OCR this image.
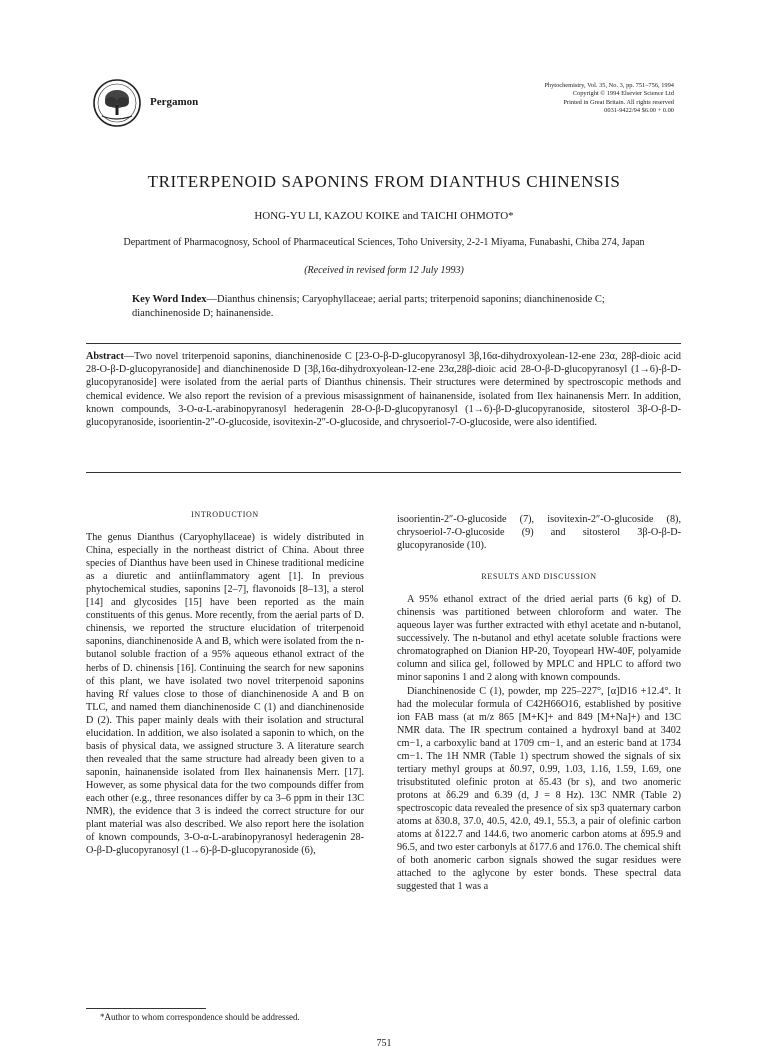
Pergamon
Phytochemistry, Vol. 35, No. 3, pp. 751–756, 1994
Copyright © 1994 Elsevier Science Ltd
Printed in Great Britain. All rights reserved
0031-9422/94 $6.00 + 0.00
TRITERPENOID SAPONINS FROM DIANTHUS CHINENSIS
HONG-YU LI, KAZOU KOIKE and TAICHI OHMOTO*
Department of Pharmacognosy, School of Pharmaceutical Sciences, Toho University, 2-2-1 Miyama, Funabashi, Chiba 274, Japan
(Received in revised form 12 July 1993)
Key Word Index—Dianthus chinensis; Caryophyllaceae; aerial parts; triterpenoid saponins; dianchinenoside C; dianchinenoside D; hainanenside.
Abstract—Two novel triterpenoid saponins, dianchinenoside C [23-O-β-D-glucopyranosyl 3β,16α-dihydroxyolean-12-ene 23α, 28β-dioic acid 28-O-β-D-glucopyranoside] and dianchinenoside D [3β,16α-dihydroxyolean-12-ene 23α,28β-dioic acid 28-O-β-D-glucopyranosyl (1→6)-β-D-glucopyranoside] were isolated from the aerial parts of Dianthus chinensis. Their structures were determined by spectroscopic methods and chemical evidence. We also report the revision of a previous misassignment of hainanenside, isolated from Ilex hainanensis Merr. In addition, known compounds, 3-O-α-L-arabinopyranosyl hederagenin 28-O-β-D-glucopyranosyl (1→6)-β-D-glucopyranoside, sitosterol 3β-O-β-D-glucopyranoside, isoorientin-2″-O-glucoside, isovitexin-2″-O-glucoside, and chrysoeriol-7-O-glucoside, were also identified.
INTRODUCTION

The genus Dianthus (Caryophyllaceae) is widely distributed in China, especially in the northeast district of China. About three species of Dianthus have been used in Chinese traditional medicine as a diuretic and antiinflammatory agent [1]. In previous phytochemical studies, saponins [2–7], flavonoids [8–13], a sterol [14] and glycosides [15] have been reported as the main constituents of this genus. More recently, from the aerial parts of D. chinensis, we reported the structure elucidation of triterpenoid saponins, dianchinenoside A and B, which were isolated from the n-butanol soluble fraction of a 95% aqueous ethanol extract of the herbs of D. chinensis [16]. Continuing the search for new saponins of this plant, we have isolated two novel triterpenoid saponins having Rf values close to those of dianchinenoside A and B on TLC, and named them dianchinenoside C (1) and dianchinenoside D (2). This paper mainly deals with their isolation and structural elucidation. In addition, we also isolated a saponin to which, on the basis of physical data, we assigned structure 3. A literature search then revealed that the same structure had already been given to a saponin, hainanenside isolated from Ilex hainanensis Merr. [17]. However, as some physical data for the two compounds differ from each other (e.g., three resonances differ by ca 3–6 ppm in their 13C NMR), the evidence that 3 is indeed the correct structure for our plant material was also described. We also report here the isolation of known compounds, 3-O-α-L-arabinopyranosyl hederagenin 28-O-β-D-glucopyranosyl (1→6)-β-D-glucopyranoside (6),

isoorientin-2″-O-glucoside (7), isovitexin-2″-O-glucoside (8), chrysoeriol-7-O-glucoside (9) and sitosterol 3β-O-β-D-glucopyranoside (10).

RESULTS AND DISCUSSION

A 95% ethanol extract of the dried aerial parts (6 kg) of D. chinensis was partitioned between chloroform and water. The aqueous layer was further extracted with ethyl acetate and n-butanol, successively. The n-butanol and ethyl acetate soluble fractions were chromatographed on Dianion HP-20, Toyopearl HW-40F, polyamide column and silica gel, followed by MPLC and HPLC to afford two minor saponins 1 and 2 along with known compounds.

Dianchinenoside C (1), powder, mp 225–227°, [α]D16 +12.4°. It had the molecular formula of C42H66O16, established by positive ion FAB mass (at m/z 865 [M+K]+ and 849 [M+Na]+) and 13C NMR data. The IR spectrum contained a hydroxyl band at 3402 cm−1, a carboxylic band at 1709 cm−1, and an esteric band at 1734 cm−1. The 1H NMR (Table 1) spectrum showed the signals of six tertiary methyl groups at δ0.97, 0.99, 1.03, 1.16, 1.59, 1.69, one trisubstituted olefinic proton at δ5.43 (br s), and two anomeric protons at δ6.29 and 6.39 (d, J = 8 Hz). 13C NMR (Table 2) spectroscopic data revealed the presence of six sp3 quaternary carbon atoms at δ30.8, 37.0, 40.5, 42.0, 49.1, 55.3, a pair of olefinic carbon atoms at δ122.7 and 144.6, two anomeric carbon atoms at δ95.9 and 96.5, and two ester carbonyls at δ177.6 and 176.0. The chemical shift of both anomeric carbon signals showed the sugar residues were attached to the aglycone by ester bonds. These spectral data suggested that 1 was a

*Author to whom correspondence should be addressed.
751
